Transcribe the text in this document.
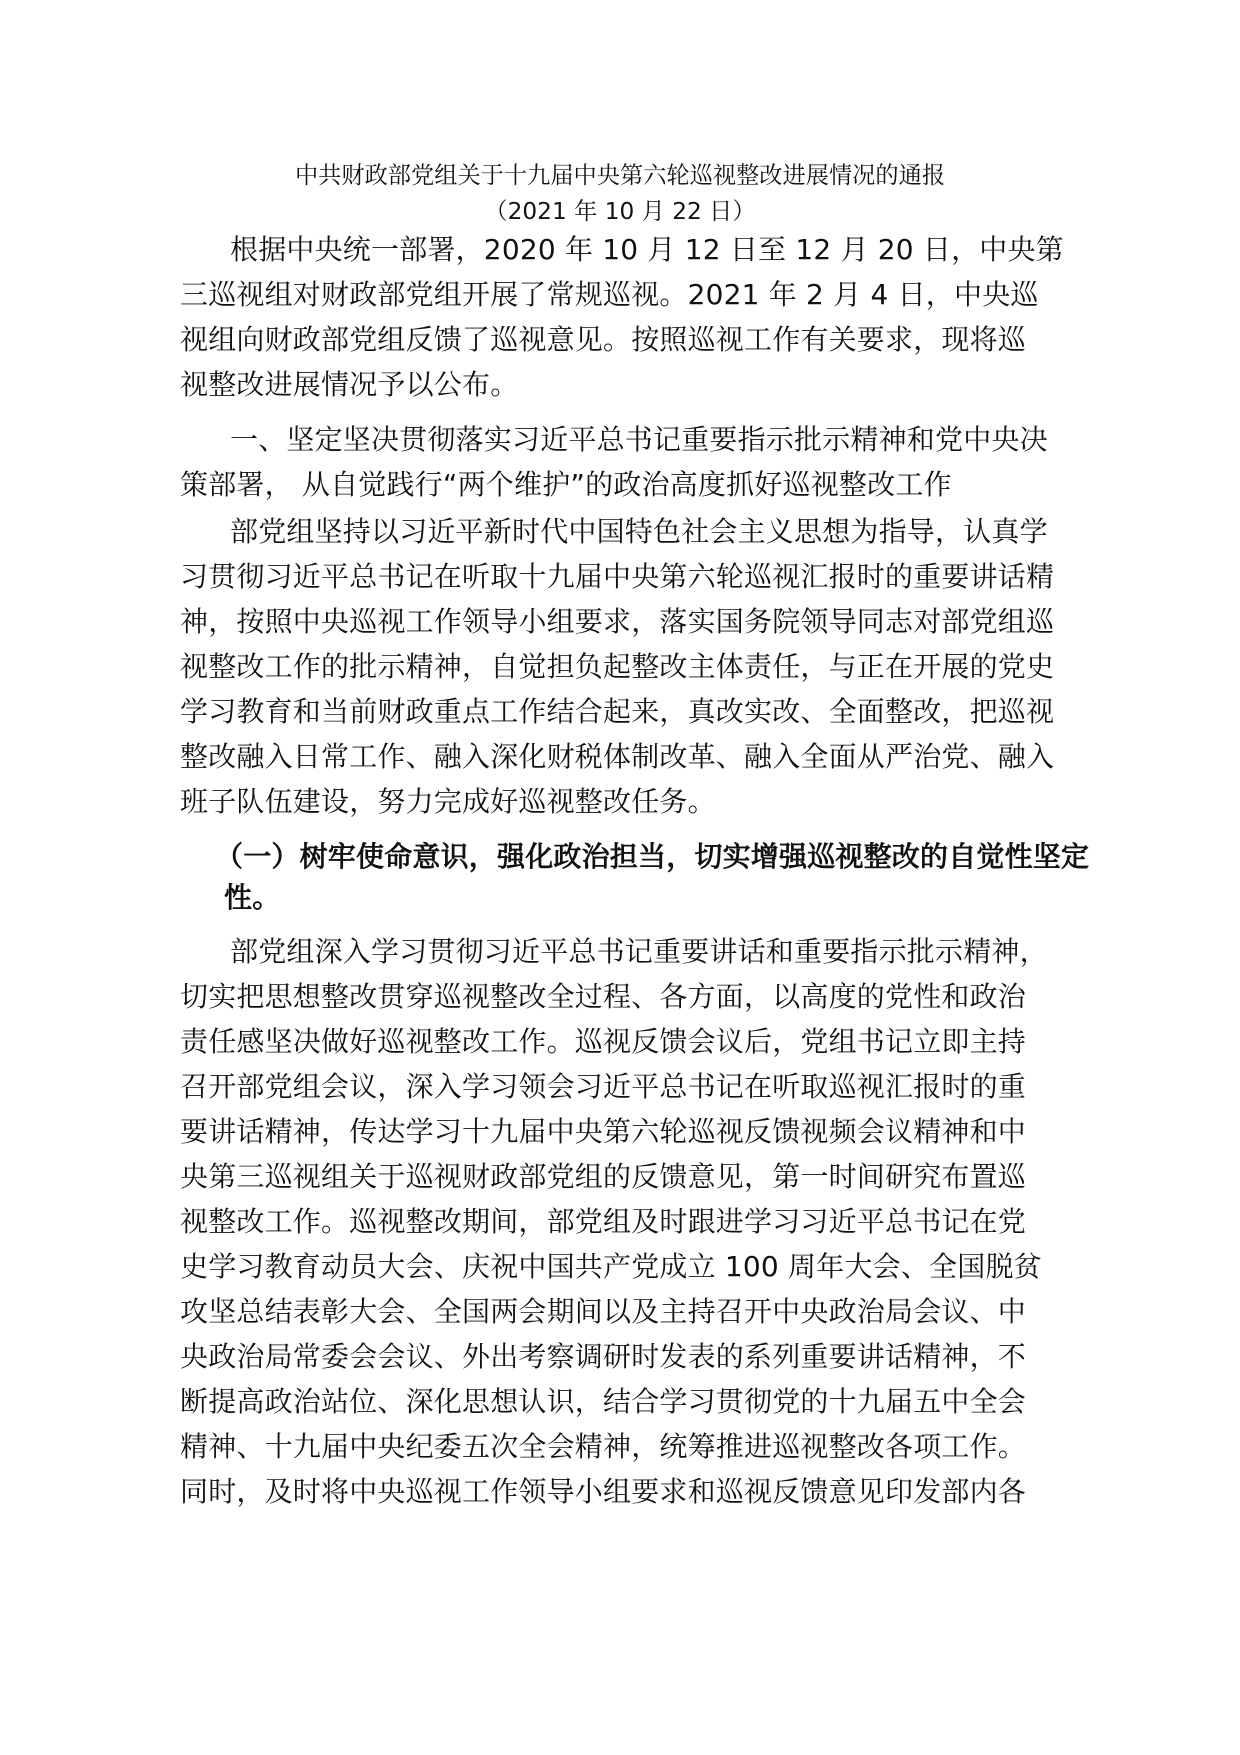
中共财政部党组关于十九届中央第六轮巡视整改进展情况的通报
（2021 年 10 月 22 日）
根据中央统一部署，2020 年 10 月 12 日至 12 月 20 日，中央第
三巡视组对财政部党组开展了常规巡视。2021 年 2 月 4 日，中央巡
视组向财政部党组反馈了巡视意见。按照巡视工作有关要求，现将巡
视整改进展情况予以公布。
一、坚定坚决贯彻落实习近平总书记重要指示批示精神和党中央决
策部署， 从自觉践行“两个维护”的政治高度抓好巡视整改工作
部党组坚持以习近平新时代中国特色社会主义思想为指导，认真学
习贯彻习近平总书记在听取十九届中央第六轮巡视汇报时的重要讲话精
神，按照中央巡视工作领导小组要求，落实国务院领导同志对部党组巡
视整改工作的批示精神，自觉担负起整改主体责任，与正在开展的党史
学习教育和当前财政重点工作结合起来，真改实改、全面整改，把巡视
整改融入日常工作、融入深化财税体制改革、融入全面从严治党、融入
班子队伍建设，努力完成好巡视整改任务。
（一）树牢使命意识，强化政治担当，切实增强巡视整改的自觉性坚定
性。
部党组深入学习贯彻习近平总书记重要讲话和重要指示批示精神，
切实把思想整改贯穿巡视整改全过程、各方面，以高度的党性和政治
责任感坚决做好巡视整改工作。巡视反馈会议后，党组书记立即主持
召开部党组会议，深入学习领会习近平总书记在听取巡视汇报时的重
要讲话精神，传达学习十九届中央第六轮巡视反馈视频会议精神和中
央第三巡视组关于巡视财政部党组的反馈意见，第一时间研究布置巡
视整改工作。巡视整改期间，部党组及时跟进学习习近平总书记在党
史学习教育动员大会、庆祝中国共产党成立 100 周年大会、全国脱贫
攻坚总结表彰大会、全国两会期间以及主持召开中央政治局会议、中
央政治局常委会会议、外出考察调研时发表的系列重要讲话精神，不
断提高政治站位、深化思想认识，结合学习贯彻党的十九届五中全会
精神、十九届中央纪委五次全会精神，统筹推进巡视整改各项工作。
同时，及时将中央巡视工作领导小组要求和巡视反馈意见印发部内各
